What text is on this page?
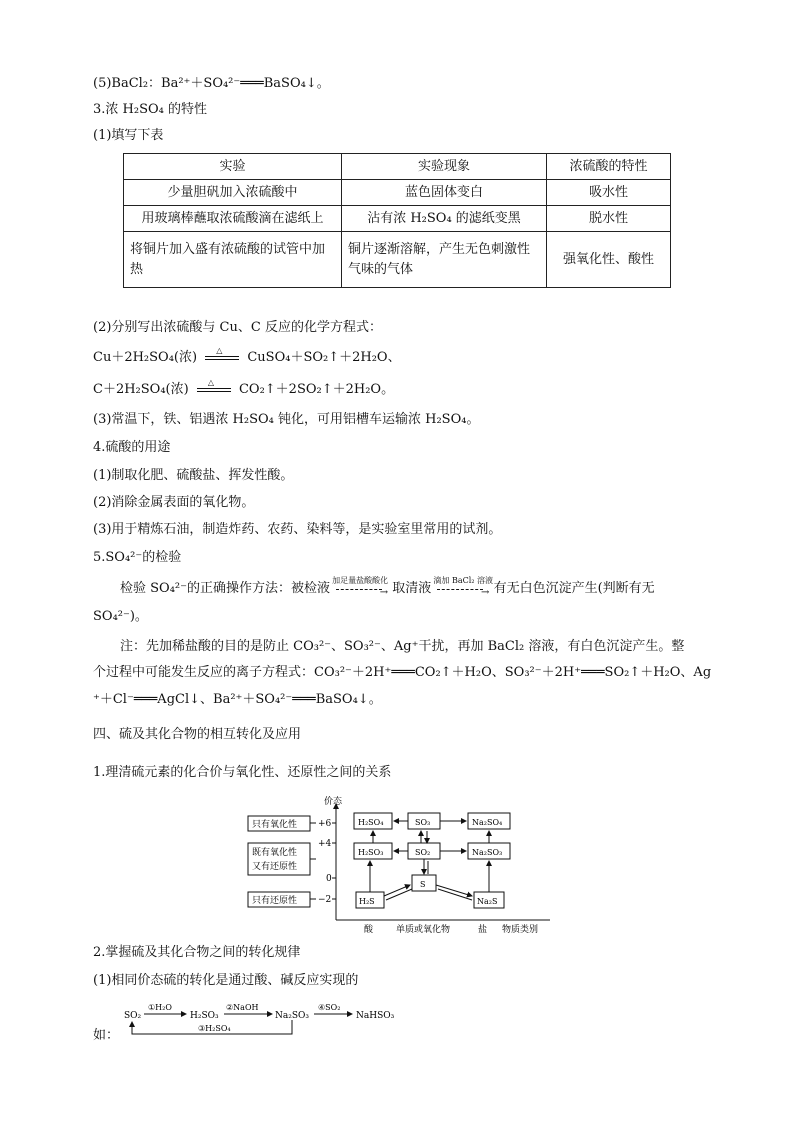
(5)BaCl₂：Ba²⁺＋SO₄²⁻═══BaSO₄↓。
3.浓 H₂SO₄ 的特性
(1)填写下表
实验	实验现象	浓硫酸的特性
少量胆矾加入浓硫酸中	蓝色固体变白	吸水性
用玻璃棒蘸取浓硫酸滴在滤纸上	沾有浓 H₂SO₄ 的滤纸变黑	脱水性
将铜片加入盛有浓硫酸的试管中加热	铜片逐渐溶解，产生无色刺激性气味的气体	强氧化性、酸性
(2)分别写出浓硫酸与 Cu、C 反应的化学方程式：
Cu＋2H₂SO₄(浓) △ CuSO₄＋SO₂↑＋2H₂O、
C＋2H₂SO₄(浓) △ CO₂↑＋2SO₂↑＋2H₂O。
(3)常温下，铁、铝遇浓 H₂SO₄ 钝化，可用铝槽车运输浓 H₂SO₄。
4.硫酸的用途
(1)制取化肥、硫酸盐、挥发性酸。
(2)消除金属表面的氧化物。
(3)用于精炼石油，制造炸药、农药、染料等，是实验室里常用的试剂。
5.SO₄²⁻的检验
检验 SO₄²⁻的正确操作方法：被检液
加足量盐酸酸化
→ 取清液
滴加 BaCl₂ 溶液
→ 有无白色沉淀产生(判断有无
SO₄²⁻)。
注：先加稀盐酸的目的是防止 CO₃²⁻、SO₃²⁻、Ag⁺干扰，再加 BaCl₂ 溶液，有白色沉淀产生。整
个过程中可能发生反应的离子方程式：CO₃²⁻＋2H⁺═══CO₂↑＋H₂O、SO₃²⁻＋2H⁺═══SO₂↑＋H₂O、Ag
⁺＋Cl⁻═══AgCl↓、Ba²⁺＋SO₄²⁻═══BaSO₄↓。
四、硫及其化合物的相互转化及应用
1.理清硫元素的化合价与氧化性、还原性之间的关系
价态
+6
+4
0
−2
只有氧化性
既有氧化性
又有还原性
只有还原性
H₂SO₄	SO₃	Na₂SO₄
H₂SO₃	SO₂	Na₂SO₃
S
H₂S	Na₂S
酸	单质或氧化物	盐 物质类别
2.掌握硫及其化合物之间的转化规律
(1)相同价态硫的转化是通过酸、碱反应实现的
如：
SO₂
①H₂O
H₂SO₃
②NaOH
Na₂SO₃
④SO₂
NaHSO₃
③H₂SO₄
